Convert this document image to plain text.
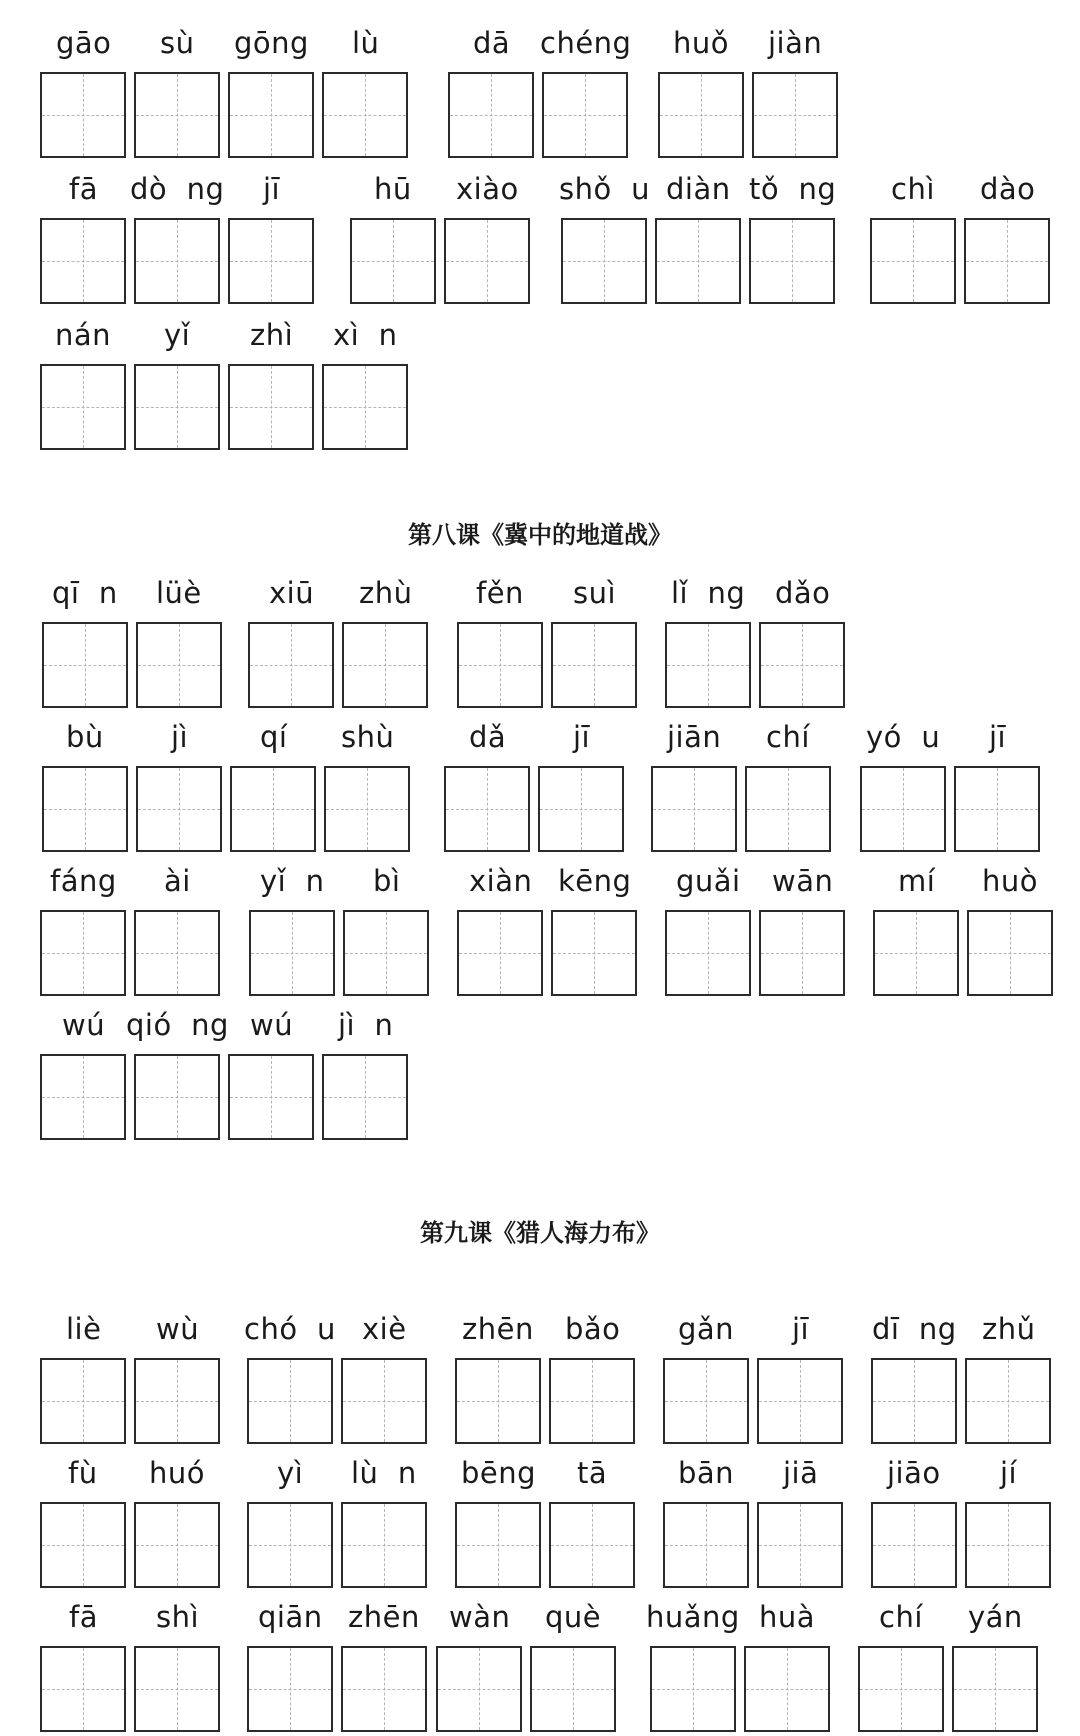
gāo sù gōng lù	dā chéng huǒ jiàn
fā dò  ng jī	hū xiào shǒ  u diàn tǒ  ng chì dào
nán yǐ zhì xì  n
第八课《冀中的地道战》
qī  n lüè xiū zhù fěn suì lǐ  ng dǎo
bù jì qí shù	dǎ jī	jiān chí yó  u jī
fáng ài yǐ  n bì xiàn kēng guǎi wān mí huò
wú qió  ng wú jì  n
第九课《猎人海力布》
liè wù chó  u xiè zhēn bǎo gǎn jī dī  ng zhǔ
fù huó yì lù  n bēng tā bān jiā jiāo jí
fā shì qiān zhēn wàn què huǎng huà chí yán
